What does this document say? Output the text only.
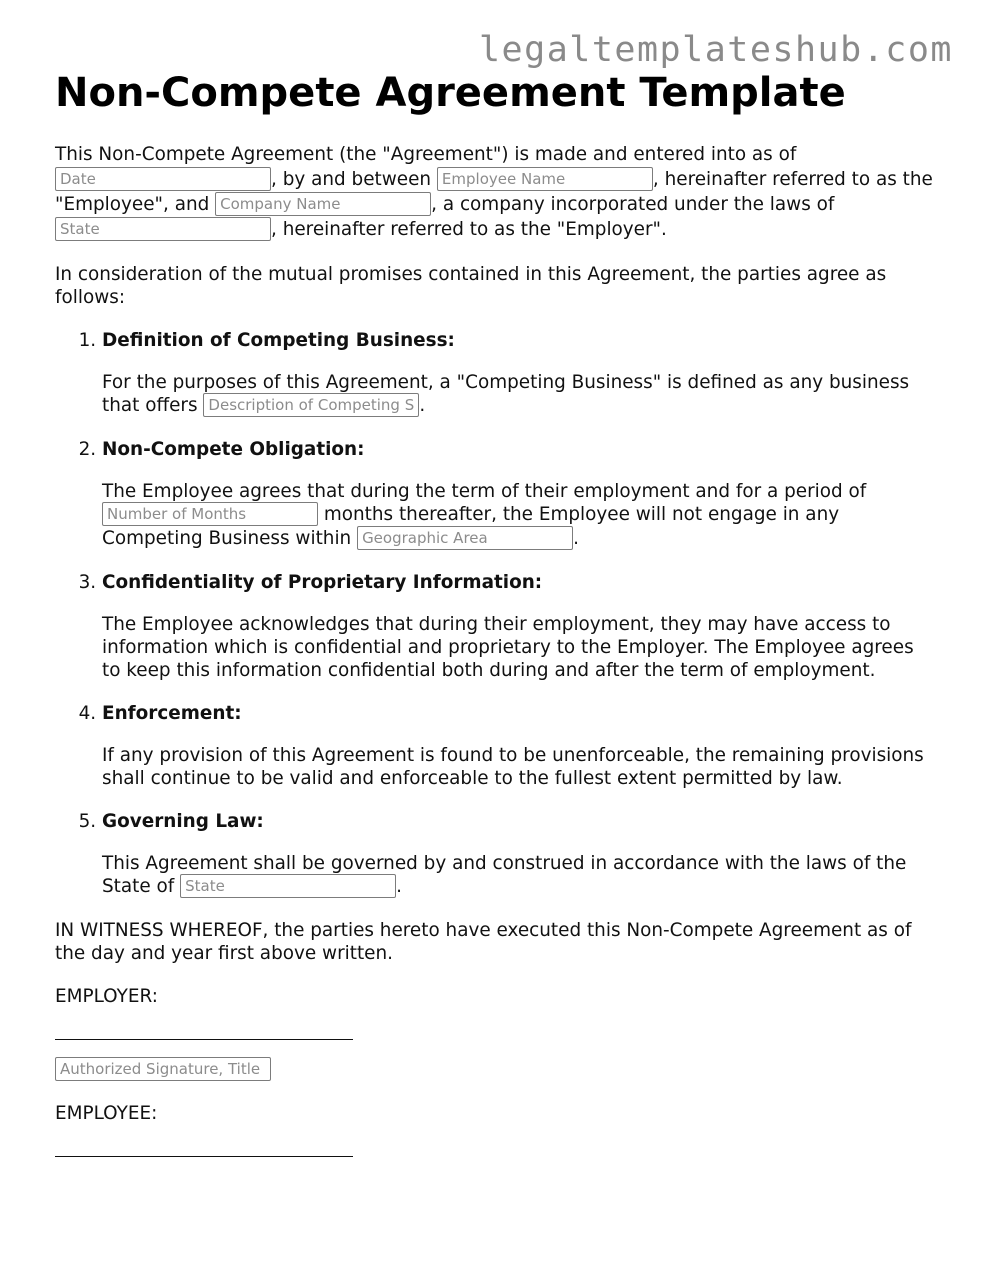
legaltemplateshub.com
Non-Compete Agreement Template

This Non-Compete Agreement (the "Agreement") is made and entered into as of Date, by and between Employee Name	, hereinafter referred to as the "Employee", and Company Name	, a company incorporated under the laws of State, hereinafter referred to as the "Employer".

In consideration of the mutual promises contained in this Agreement, the parties agree as follows:

1. Definition of Competing Business:

For the purposes of this Agreement, a "Competing Business" is defined as any business that offers Description of Competing Services	.

2. Non-Compete Obligation:

The Employee agrees that during the term of their employment and for a period of Number of Months months thereafter, the Employee will not engage in any Competing Business within Geographic Area	.

3. Confidentiality of Proprietary Information:

The Employee acknowledges that during their employment, they may have access to information which is confidential and proprietary to the Employer. The Employee agrees to keep this information confidential both during and after the term of employment.

4. Enforcement:

If any provision of this Agreement is found to be unenforceable, the remaining provisions shall continue to be valid and enforceable to the fullest extent permitted by law.

5. Governing Law:

This Agreement shall be governed by and construed in accordance with the laws of the State of State	.

IN WITNESS WHEREOF, the parties hereto have executed this Non-Compete Agreement as of the day and year first above written.

EMPLOYER:

Authorized Signature, Title

EMPLOYEE:
